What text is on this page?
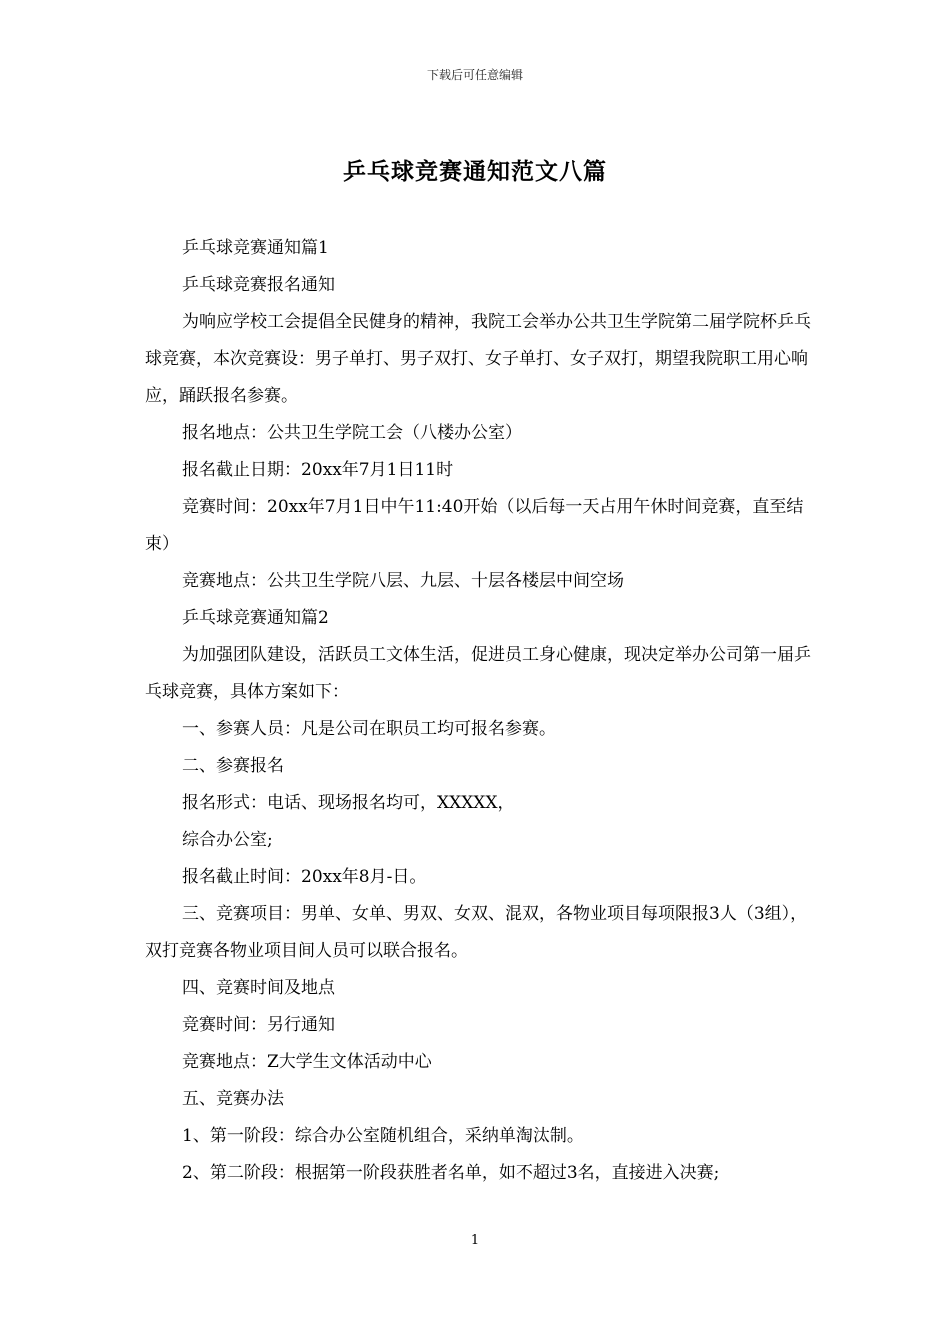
下载后可任意编辑
乒乓球竞赛通知范文八篇

乒乓球竞赛通知篇1

乒乓球竞赛报名通知

为响应学校工会提倡全民健身的精神，我院工会举办公共卫生学院第二届学院杯乒乓球竞赛，本次竞赛设：男子单打、男子双打、女子单打、女子双打，期望我院职工用心响应，踊跃报名参赛。

报名地点：公共卫生学院工会（八楼办公室）

报名截止日期：20xx年7月1日11时

竞赛时间：20xx年7月1日中午11:40开始（以后每一天占用午休时间竞赛，直至结束）

竞赛地点：公共卫生学院八层、九层、十层各楼层中间空场

乒乓球竞赛通知篇2

为加强团队建设，活跃员工文体生活，促进员工身心健康，现决定举办公司第一届乒乓球竞赛，具体方案如下：

一、参赛人员：凡是公司在职员工均可报名参赛。

二、参赛报名

报名形式：电话、现场报名均可，XXXXX，

综合办公室;

报名截止时间：20xx年8月-日。

三、竞赛项目：男单、女单、男双、女双、混双，各物业项目每项限报3人（3组），双打竞赛各物业项目间人员可以联合报名。

四、竞赛时间及地点

竞赛时间：另行通知

竞赛地点：Z大学生文体活动中心

五、竞赛办法

1、第一阶段：综合办公室随机组合，采纳单淘汰制。

2、第二阶段：根据第一阶段获胜者名单，如不超过3名，直接进入决赛;

1
